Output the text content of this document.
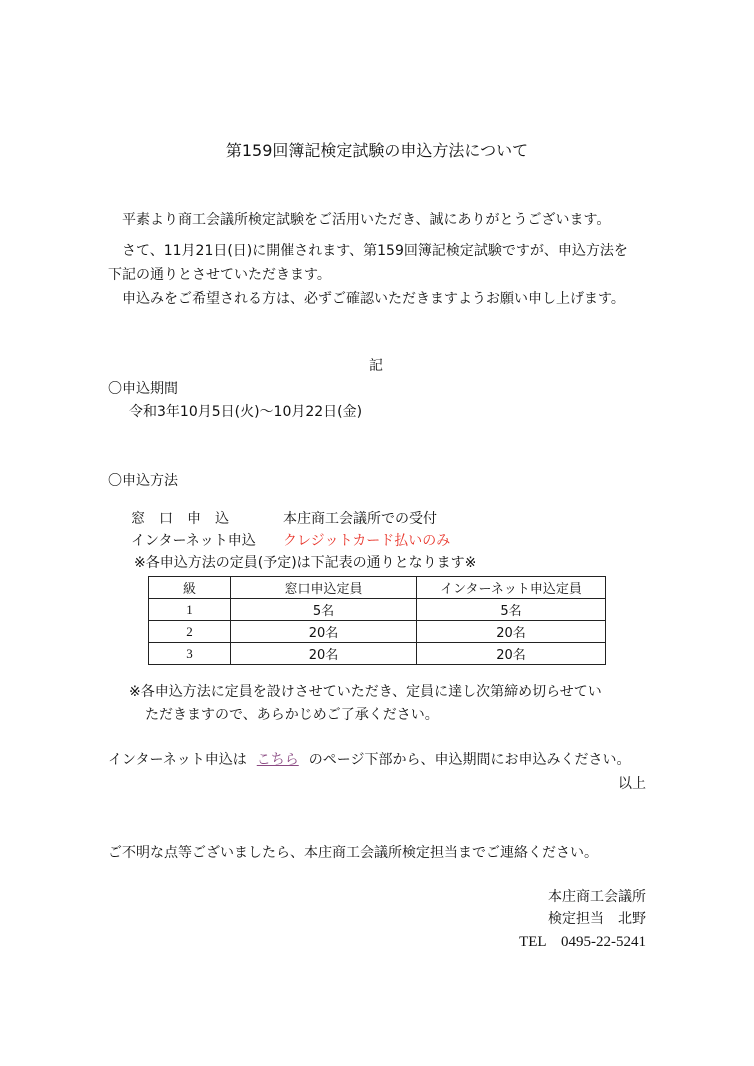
第159回簿記検定試験の申込方法について
平素より商工会議所検定試験をご活用いただき、誠にありがとうございます。
さて、11月21日(日)に開催されます、第159回簿記検定試験ですが、申込方法を
下記の通りとさせていただきます。
申込みをご希望される方は、必ずご確認いただきますようお願い申し上げます。
記
〇申込期間
令和3年10月5日(火)～10月22日(金)
〇申込方法
窓　口　申　込	本庄商工会議所での受付
インターネット申込 クレジットカード払いのみ
※各申込方法の定員(予定)は下記表の通りとなります※
級	窓口申込定員	インターネット申込定員
1	5名	5名
2	20名	20名
3	20名	20名
※各申込方法に定員を設けさせていただき、定員に達し次第締め切らせてい
ただきますので、あらかじめご了承ください。
インターネット申込は こちら のページ下部から、申込期間にお申込みください。
以上
ご不明な点等ございましたら、本庄商工会議所検定担当までご連絡ください。
本庄商工会議所
検定担当　北野
TEL　0495-22-5241
